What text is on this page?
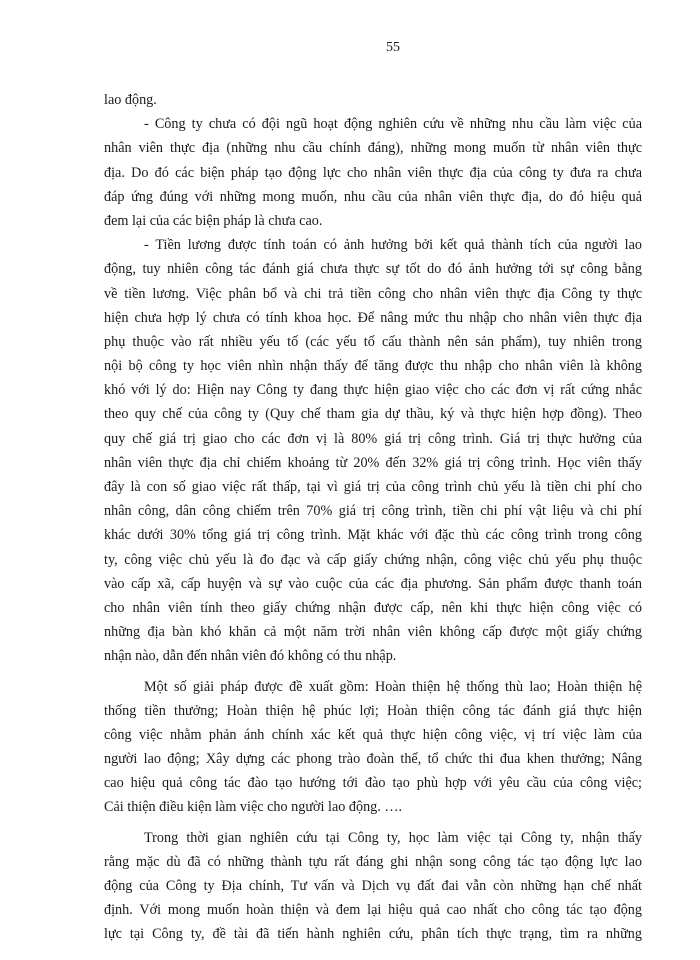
55
lao động.
- Công ty chưa có đội ngũ hoạt động nghiên cứu về những nhu cầu làm việc của
nhân viên thực địa (những nhu cầu chính đáng), những mong muốn từ nhân viên thực
địa. Do đó các biện pháp tạo động lực cho nhân viên thực địa của công ty đưa ra chưa
đáp ứng đúng với những mong muốn, nhu cầu của nhân viên thực địa, do đó hiệu quả
đem lại của các biện pháp là chưa cao.
- Tiền lương được tính toán có ảnh hưởng bởi kết quả thành tích của người lao
động, tuy nhiên công tác đánh giá chưa thực sự tốt do đó ảnh hưởng tới sự công bằng
về tiền lương. Việc phân bổ và chi trả tiền công cho nhân viên thực địa Công ty thực
hiện chưa hợp lý chưa có tính khoa học. Để nâng mức thu nhập cho nhân viên thực địa
phụ thuộc vào rất nhiều yếu tố (các yếu tố cấu thành nên sản phẩm), tuy nhiên trong
nội bộ công ty học viên nhìn nhận thấy để tăng được thu nhập cho nhân viên là không
khó với lý do: Hiện nay Công ty đang thực hiện giao việc cho các đơn vị rất cứng nhắc
theo quy chế của công ty (Quy chế tham gia dự thầu, ký và thực hiện hợp đồng). Theo
quy chế giá trị giao cho các đơn vị là 80% giá trị công trình. Giá trị thực hưởng của
nhân viên thực địa chỉ chiếm khoảng từ 20% đến 32% giá trị công trình. Học viên thấy
đây là con số giao việc rất thấp, tại vì giá trị của công trình chủ yếu là tiền chi phí cho
nhân công, dân công chiếm trên 70% giá trị công trình, tiền chi phí vật liệu và chi phí
khác dưới 30% tổng giá trị công trình. Mặt khác với đặc thù các công trình trong công
ty, công việc chủ yếu là đo đạc và cấp giấy chứng nhận, công việc chủ yếu phụ thuộc
vào cấp xã, cấp huyện và sự vào cuộc của các địa phương. Sản phẩm được thanh toán
cho nhân viên tính theo giấy chứng nhận được cấp, nên khi thực hiện công việc có
những địa bàn khó khăn cả một năm trời nhân viên không cấp được một giấy chứng
nhận nào, dẫn đến nhân viên đó không có thu nhập.
Một số giải pháp được đề xuất gồm: Hoàn thiện hệ thống thù lao; Hoàn thiện hệ
thống tiền thưởng; Hoàn thiện hệ phúc lợi; Hoàn thiện công tác đánh giá thực hiện
công việc nhằm phản ánh chính xác kết quả thực hiện công việc, vị trí việc làm của
người lao động; Xây dựng các phong trào đoàn thể, tổ chức thi đua khen thưởng; Nâng
cao hiệu quả công tác đào tạo hướng tới đào tạo phù hợp với yêu cầu của công việc;
Cải thiện điều kiện làm việc cho người lao động. ….
Trong thời gian nghiên cứu tại Công ty, học làm việc tại Công ty, nhận thấy
rằng mặc dù đã có những thành tựu rất đáng ghi nhận song công tác tạo động lực lao
động của Công ty Địa chính, Tư vấn và Dịch vụ đất đai vẫn còn những hạn chế nhất
định. Với mong muốn hoàn thiện và đem lại hiệu quả cao nhất cho công tác tạo động
lực tại Công ty, đề tài đã tiến hành nghiên cứu, phân tích thực trạng, tìm ra những
